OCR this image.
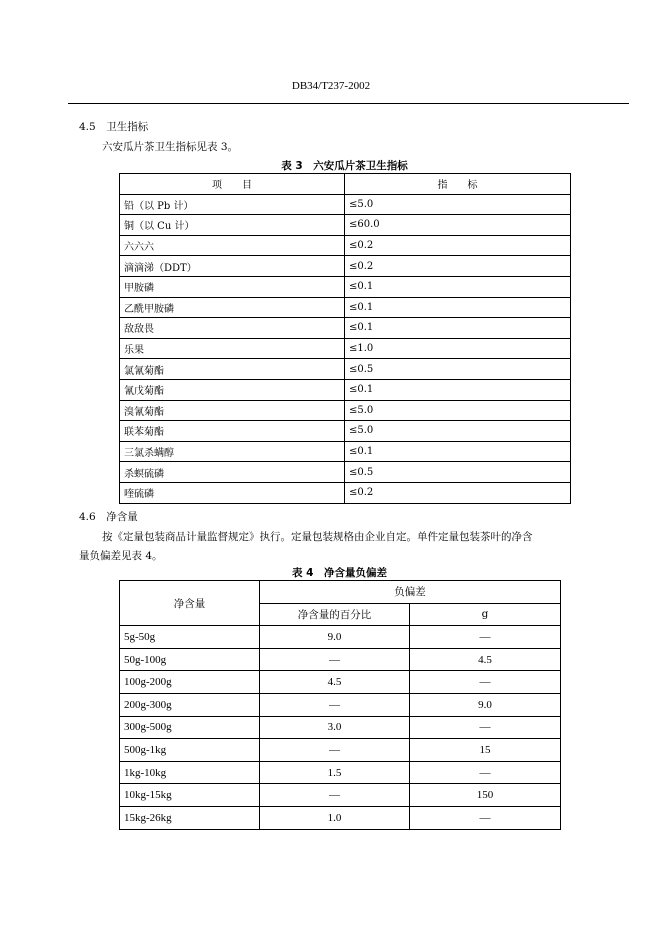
DB34/T237-2002
4.5　卫生指标
六安瓜片茶卫生指标见表 3。
表 3　六安瓜片茶卫生指标
项　　目	指　　标
铅（以 Pb 计）	≤5.0
铜（以 Cu 计）	≤60.0
六六六	≤0.2
滴滴涕（DDT）	≤0.2
甲胺磷	≤0.1
乙酰甲胺磷	≤0.1
敌敌畏	≤0.1
乐果	≤1.0
氯氰菊酯	≤0.5
氰戊菊酯	≤0.1
溴氰菊酯	≤5.0
联苯菊酯	≤5.0
三氯杀螨醇	≤0.1
杀螟硫磷	≤0.5
喹硫磷	≤0.2
4.6　净含量
按《定量包装商品计量监督规定》执行。定量包装规格由企业自定。单件定量包装茶叶的净含
量负偏差见表 4。
表 4　净含量负偏差
净含量	负偏差	
	净含量的百分比	g
5g-50g	9.0	—
50g-100g	—	4.5
100g-200g	4.5	—
200g-300g	—	9.0
300g-500g	3.0	—
500g-1kg	—	15
1kg-10kg	1.5	—
10kg-15kg	—	150
15kg-26kg	1.0	—
